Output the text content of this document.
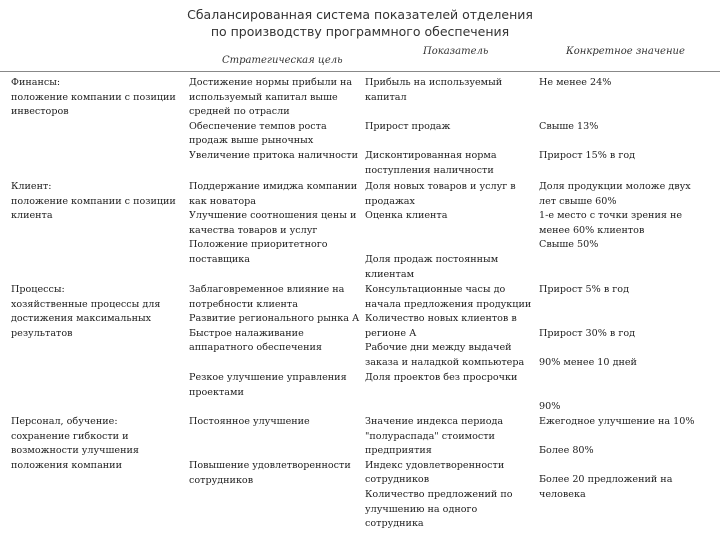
Сбалансированная система показателей отделения
по производству программного обеспечения
Стратегическая цель
Показатель	Конкретное значение
Финансы:
положение компании с позиции
инвесторов
Достижение нормы прибыли на
используемый капитал выше
средней по отрасли
Обеспечение темпов роста
продаж выше рыночных
Увеличение притока наличности
Прибыль на используемый
капитал
Прирост продаж
Дисконтированная норма
поступления наличности
Не менее 24%
Свыше 13%
Прирост 15% в год
Клиент:
положение компании с позиции
клиента
Поддержание имиджа компании
как новатора
Улучшение соотношения цены и
качества товаров и услуг
Положение приоритетного
поставщика
Доля новых товаров и услуг в
продажах
Оценка клиента
Доля продаж постоянным
клиентам
Доля продукции моложе двух
лет свыше 60%
1-е место с точки зрения не
менее 60% клиентов
Свыше 50%
Процессы:
хозяйственные процессы для
достижения максимальных
результатов
Заблаговременное влияние на
потребности клиента
Развитие регионального рынка А
Быстрое налаживание
аппаратного обеспечения
Резкое улучшение управления
проектами
Консультационные часы до
начала предложения продукции
Количество новых клиентов в
регионе А
Рабочие дни между выдачей
заказа и наладкой компьютера
Доля проектов без просрочки
Прирост 5% в год
Прирост 30% в год
90% менее 10 дней
90%
Персонал, обучение:
сохранение гибкости и
возможности улучшения
положения компании
Постоянное улучшение
Повышение удовлетворенности
сотрудников
Значение индекса периода
"полураспада" стоимости
предприятия
Индекс удовлетворенности
сотрудников
Количество предложений по
улучшению на одного
сотрудника
Ежегодное улучшение на 10%
Более 80%
Более 20 предложений на
человека
